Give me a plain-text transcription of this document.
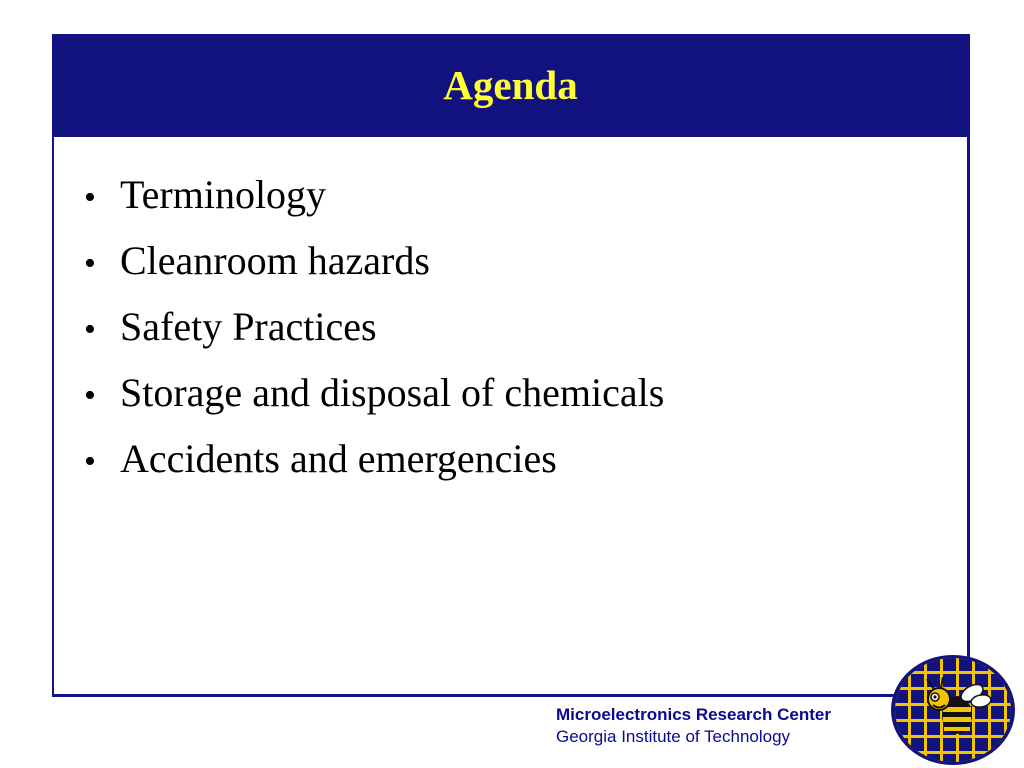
Agenda
• Terminology
• Cleanroom hazards
• Safety Practices
• Storage and disposal of chemicals
• Accidents and emergencies
Microelectronics Research Center
Georgia Institute of Technology
